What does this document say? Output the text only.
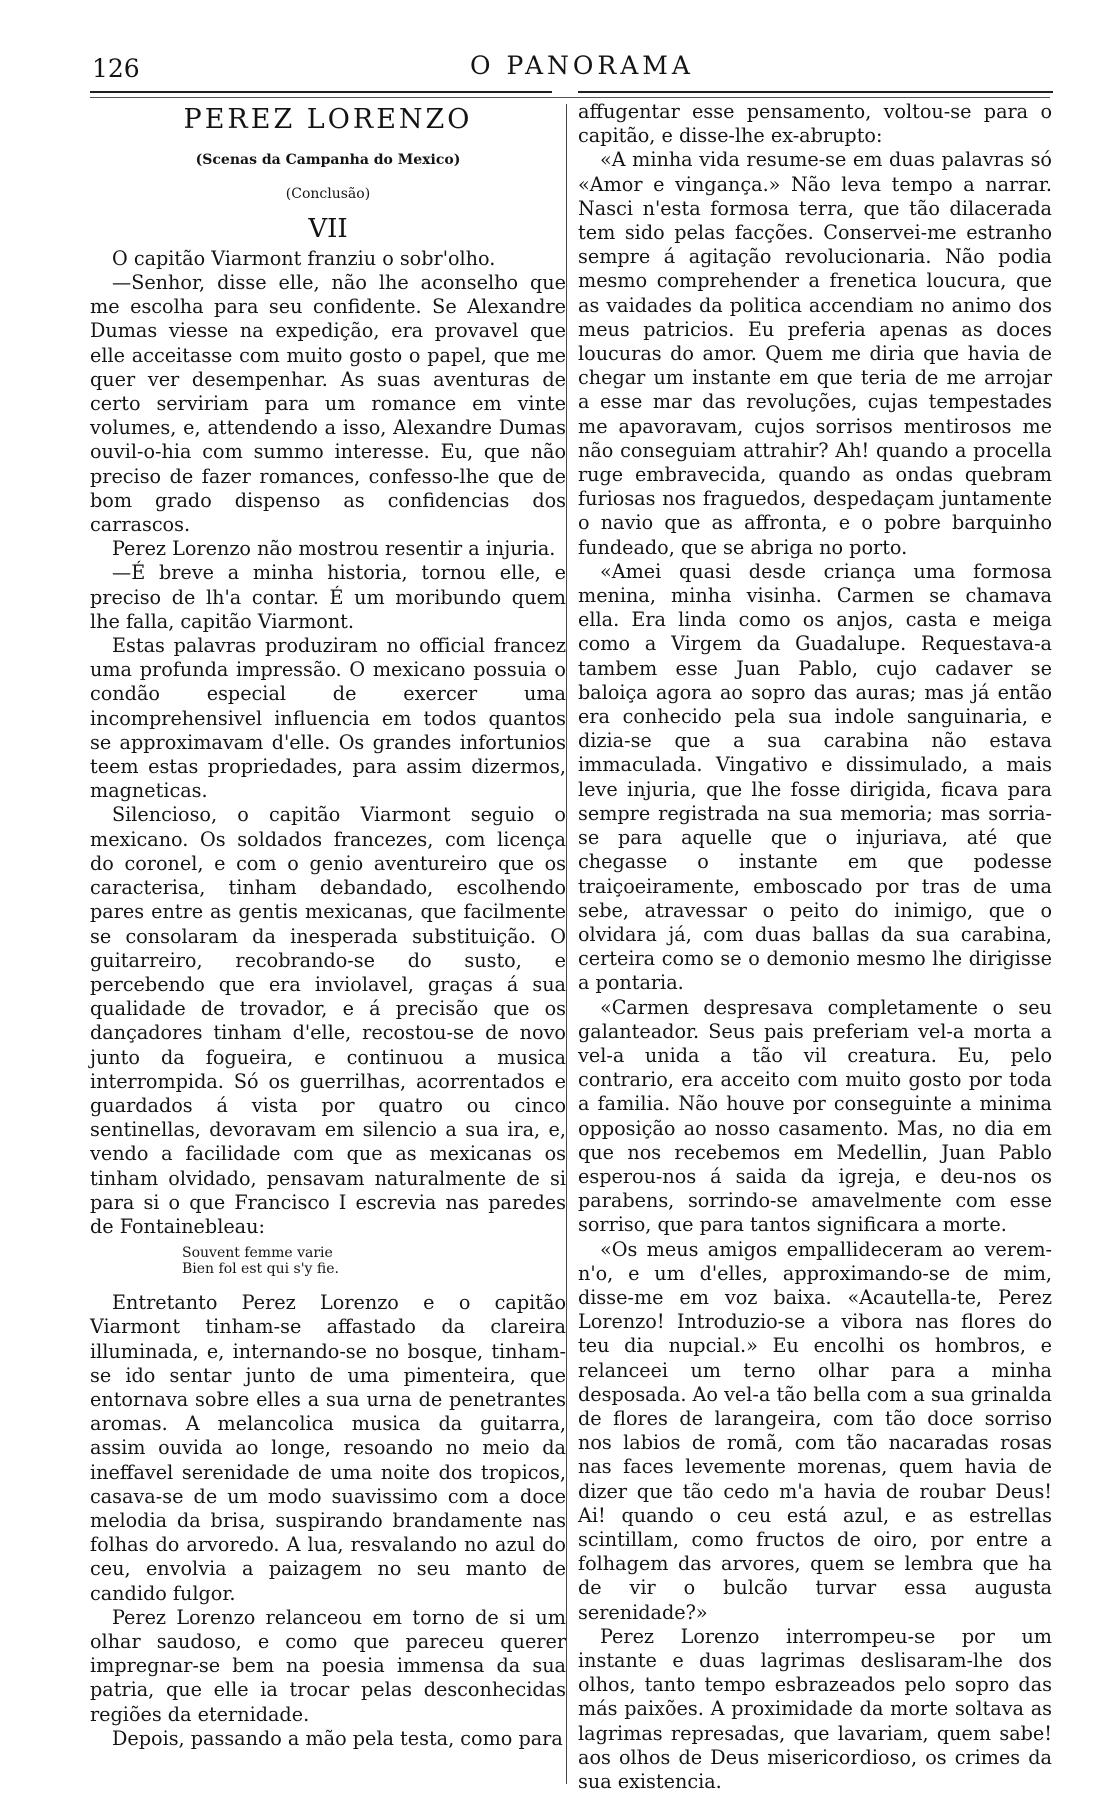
126	O PANORAMA
PEREZ LORENZO
(Scenas da Campanha do Mexico)
(Conclusão)
VII

O capitão Viarmont franziu o sobr'olho.

—Senhor, disse elle, não lhe aconselho que me escolha para seu confidente. Se Alexandre Dumas viesse na expedição, era provavel que elle acceitasse com muito gosto o papel, que me quer ver desempenhar. As suas aventuras de certo serviriam para um romance em vinte volumes, e, attendendo a isso, Alexandre Dumas ouvil-o-hia com summo interesse. Eu, que não preciso de fazer romances, confesso-lhe que de bom grado dispenso as confidencias dos carrascos.

Perez Lorenzo não mostrou resentir a injuria.

—É breve a minha historia, tornou elle, e preciso de lh'a contar. É um moribundo quem lhe falla, capitão Viarmont.

Estas palavras produziram no official francez uma profunda impressão. O mexicano possuia o condão especial de exercer uma incomprehensivel influencia em todos quantos se approximavam d'elle. Os grandes infortunios teem estas propriedades, para assim dizermos, magneticas.

Silencioso, o capitão Viarmont seguio o mexicano. Os soldados francezes, com licença do coronel, e com o genio aventureiro que os caracterisa, tinham debandado, escolhendo pares entre as gentis mexicanas, que facilmente se consolaram da inesperada substituição. O guitarreiro, recobrando-se do susto, e percebendo que era inviolavel, graças á sua qualidade de trovador, e á precisão que os dançadores tinham d'elle, recostou-se de novo junto da fogueira, e continuou a musica interrompida. Só os guerrilhas, acorrentados e guardados á vista por quatro ou cinco sentinellas, devoravam em silencio a sua ira, e, vendo a facilidade com que as mexicanas os tinham olvidado, pensavam naturalmente de si para si o que Francisco I escrevia nas paredes de Fontainebleau:

Souvent femme varie
Bien fol est qui s'y fie.

Entretanto Perez Lorenzo e o capitão Viarmont tinham-se affastado da clareira illuminada, e, internando-se no bosque, tinham-se ido sentar junto de uma pimenteira, que entornava sobre elles a sua urna de penetrantes aromas. A melancolica musica da guitarra, assim ouvida ao longe, resoando no meio da ineffavel serenidade de uma noite dos tropicos, casava-se de um modo suavissimo com a doce melodia da brisa, suspirando brandamente nas folhas do arvoredo. A lua, resvalando no azul do ceu, envolvia a paizagem no seu manto de candido fulgor.

Perez Lorenzo relanceou em torno de si um olhar saudoso, e como que pareceu querer impregnar-se bem na poesia immensa da sua patria, que elle ia trocar pelas desconhecidas regiões da eternidade.

Depois, passando a mão pela testa, como para

affugentar esse pensamento, voltou-se para o capitão, e disse-lhe ex-abrupto:

«A minha vida resume-se em duas palavras só «Amor e vingança.» Não leva tempo a narrar. Nasci n'esta formosa terra, que tão dilacerada tem sido pelas facções. Conservei-me estranho sempre á agitação revolucionaria. Não podia mesmo comprehender a frenetica loucura, que as vaidades da politica accendiam no animo dos meus patricios. Eu preferia apenas as doces loucuras do amor. Quem me diria que havia de chegar um instante em que teria de me arrojar a esse mar das revoluções, cujas tempestades me apavoravam, cujos sorrisos mentirosos me não conseguiam attrahir? Ah! quando a procella ruge embravecida, quando as ondas quebram furiosas nos fraguedos, despedaçam juntamente o navio que as affronta, e o pobre barquinho fundeado, que se abriga no porto.

«Amei quasi desde criança uma formosa menina, minha visinha. Carmen se chamava ella. Era linda como os anjos, casta e meiga como a Virgem da Guadalupe. Requestava-a tambem esse Juan Pablo, cujo cadaver se baloiça agora ao sopro das auras; mas já então era conhecido pela sua indole sanguinaria, e dizia-se que a sua carabina não estava immaculada. Vingativo e dissimulado, a mais leve injuria, que lhe fosse dirigida, ficava para sempre registrada na sua memoria; mas sorria-se para aquelle que o injuriava, até que chegasse o instante em que podesse traiçoeiramente, emboscado por tras de uma sebe, atravessar o peito do inimigo, que o olvidara já, com duas ballas da sua carabina, certeira como se o demonio mesmo lhe dirigisse a pontaria.

«Carmen despresava completamente o seu galanteador. Seus pais preferiam vel-a morta a vel-a unida a tão vil creatura. Eu, pelo contrario, era acceito com muito gosto por toda a familia. Não houve por conseguinte a minima opposição ao nosso casamento. Mas, no dia em que nos recebemos em Medellin, Juan Pablo esperou-nos á saida da igreja, e deu-nos os parabens, sorrindo-se amavelmente com esse sorriso, que para tantos significara a morte.

«Os meus amigos empallideceram ao verem-n'o, e um d'elles, approximando-se de mim, disse-me em voz baixa. «Acautella-te, Perez Lorenzo! Introduzio-se a vibora nas flores do teu dia nupcial.» Eu encolhi os hombros, e relanceei um terno olhar para a minha desposada. Ao vel-a tão bella com a sua grinalda de flores de larangeira, com tão doce sorriso nos labios de romã, com tão nacaradas rosas nas faces levemente morenas, quem havia de dizer que tão cedo m'a havia de roubar Deus! Ai! quando o ceu está azul, e as estrellas scintillam, como fructos de oiro, por entre a folhagem das arvores, quem se lembra que ha de vir o bulcão turvar essa augusta serenidade?»

Perez Lorenzo interrompeu-se por um instante e duas lagrimas deslisaram-lhe dos olhos, tanto tempo esbrazeados pelo sopro das más paixões. A proximidade da morte soltava as lagrimas represadas, que lavariam, quem sabe! aos olhos de Deus misericordioso, os crimes da sua existencia.
